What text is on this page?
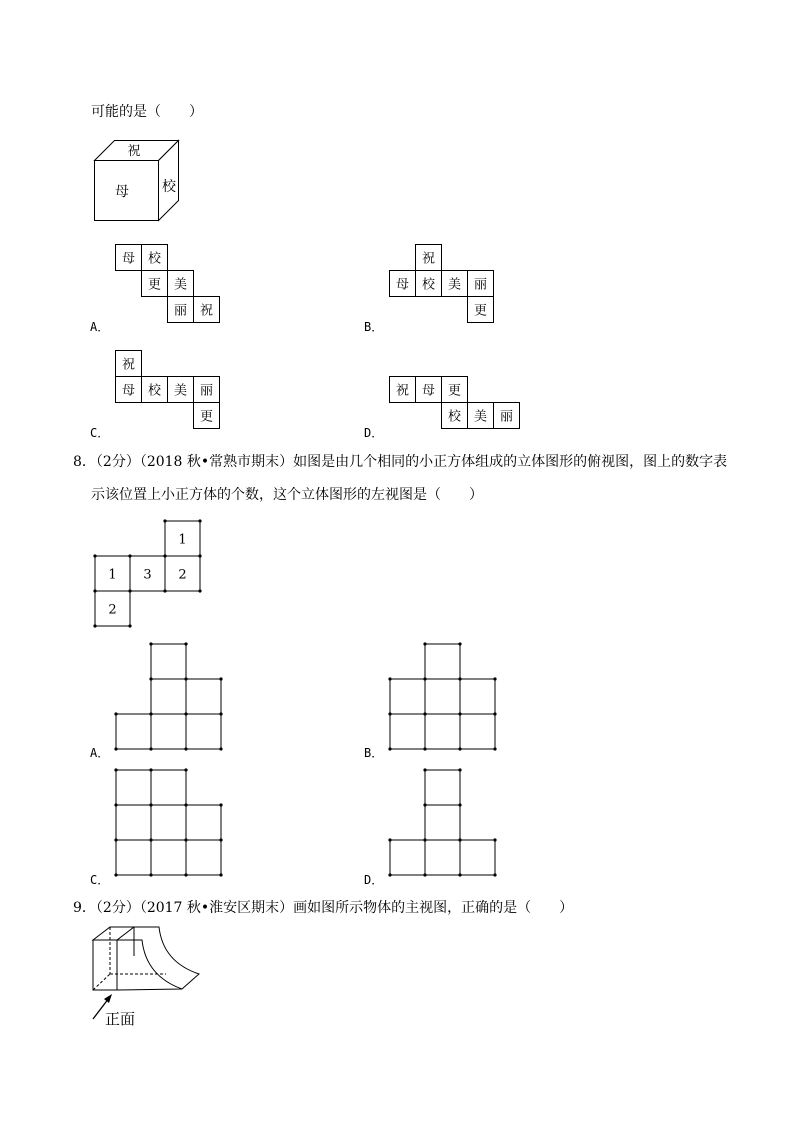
可能的是（　　）
祝
母 校
母 校
更 美
丽 祝
祝
母 校 美 丽
更
祝
母 校 美 丽
更
祝 母 更
校 美 丽
A．	B．
C．	D．
8．（2分）（2018 秋•常熟市期末）如图是由几个相同的小正方体组成的立体图形的俯视图，图上的数字表
示该位置上小正方体的个数，这个立体图形的左视图是（　　）
1
1 3 2
2
A．	B．
C．	D．
9．（2分）（2017 秋•淮安区期末）画如图所示物体的主视图，正确的是（　　）
正面
